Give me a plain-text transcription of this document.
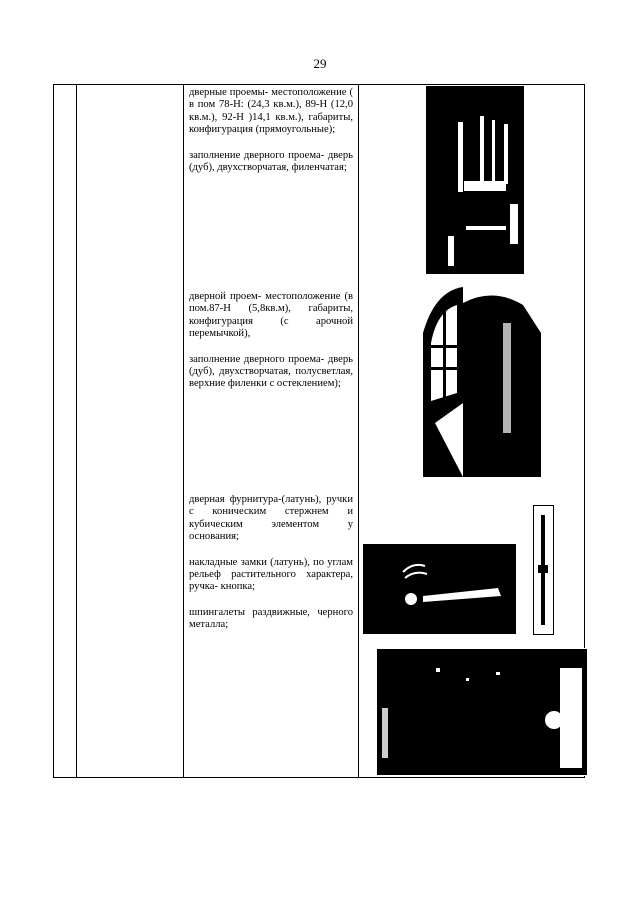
29

дверные проемы- местоположение ( в пом 78-Н: (24,3 кв.м.), 89-Н (12,0 кв.м.), 92-Н )14,1 кв.м.), габариты, конфигурация (прямоугольные);

заполнение дверного проема- дверь (дуб), двухстворчатая, филенчатая;

дверной проем- местоположение (в пом.87-Н (5,8кв.м), габариты, конфигурация (с арочной перемычкой),

заполнение дверного проема- дверь (дуб), двухстворчатая, полусветлая, верхние филенки с остеклением);

дверная фурнитура-(латунь), ручки с коническим стержнем и кубическим элементом у основания;

накладные замки (латунь), по углам рельеф растительного характера, ручка- кнопка;

шпингалеты раздвижные, черного металла;
